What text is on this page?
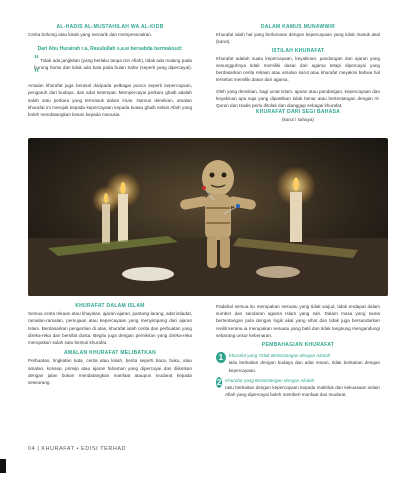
AL-HADIS AL-MUSTAHILAH WA AL-KIDB

Cerita bohong atau kisah yang menarik dan mempesonakan.

Dari Abu Hurairah r.a, Rasulullah s.a.w bersabda bermaksud:
“ Tidak ada jangkitan (yang berlaku tanpa izin Allah), tidak ada malang pada burung hantu dan tidak ada bala pada bulan Safar (seperti yang dipercayai). ”

Amalan khurafat juga berasal daripada pelbagai punca seperti kepercayaan, pengaruh dari budaya, dan adat setempat. Mempercayai perkara ghaib adalah salah satu perkara yang termasuk dalam iman. Namun demikian, amalan khurafat ini merujuk kepada kepercayaan kepada kuasa ghaib selain Allah yang boleh mendatangkan kesan kepada manusia.

DALAM KAMUS MUNAWWIR

Khurafat ialah hal yang berkenaan dengan kepercayaan yang tidak masuk akal (karut).

ISTILAH KHURAFAT

Khurafat adalah suatu kepercayaan, keyakinan, pandangan dan ajaran yang sesungguhnya tidak memiliki dasar dari agama tetapi dipercayai yang berdasarkan cerita rekaan atau amalan karut atau khurafat meyakini bahwa hal tersebut memiliki dasar dari agama.

Oleh yang demikian, bagi umat Islam, ajaran atau pandangan, kepercayaan dan keyakinan apa saja yang dipastikan tidak benar atau bertentangan dengan Al-Quran dan Hadis perlu ditolak dan dianggap sebagai khurafat.

KHURAFAT DARI SEGI BAHASA
(karut / sahaya)
KHURAFAT DALAM ISLAM

Semua cerita rekaan atau khayalan, ajaran-ajaran, pantang-larang, adat istiadat, ramalan-ramalan, pemujaan atau kepercayaan yang menyimpang dari ajaran Islam. Berdasarkan pengertian di atas, khurafat ialah cerita dan perbuatan yang direka-reka dan bersifat dusta. Begitu juga dengan pemikiran yang direka-reka merupakan salah satu bentuk khurafat.

AMALAN KHURAFAT MELIBATKAN

Perbuatan, tingkatan kata, cerita atau kisah, berita seperti baca, buku, atau amalan, konsep, prinsip atau ajaran fahaman yang dipercayai dan diikutkan dengan jalan bukan mendatangkan manfaat ataupun mudarat kepada seseorang.

Padahal semua itu merupakan sesuatu yang tidak wujud, tidak terdapat dalam sumber dan sandaran agama Islam yang sah. Dalam masa yang sama bertentangan pula dengan logik akal yang sihat dan tidak juga bersandarkan realiti kerana ia merupakan sesuatu yang batil dan tidak langsung mengandungi sebarang unsur kebenaran.

PEMBAHAGIAN KHURAFAT
1	Khurafat yang Tidak Bertentangan dengan Akidah

Iaitu berkaitan dengan budaya dan adat resam, tidak berkaitan dengan kepercayaan.

2 Khurafat yang Bertentangan dengan Akidah

Iaitu berkaitan dengan kepercayaan kepada makhluk dan kekuasaan selain Allah yang dipercayai boleh memberi manfaat dan mudarat.

04 | KHURAFAT • EDISI TERHAD
